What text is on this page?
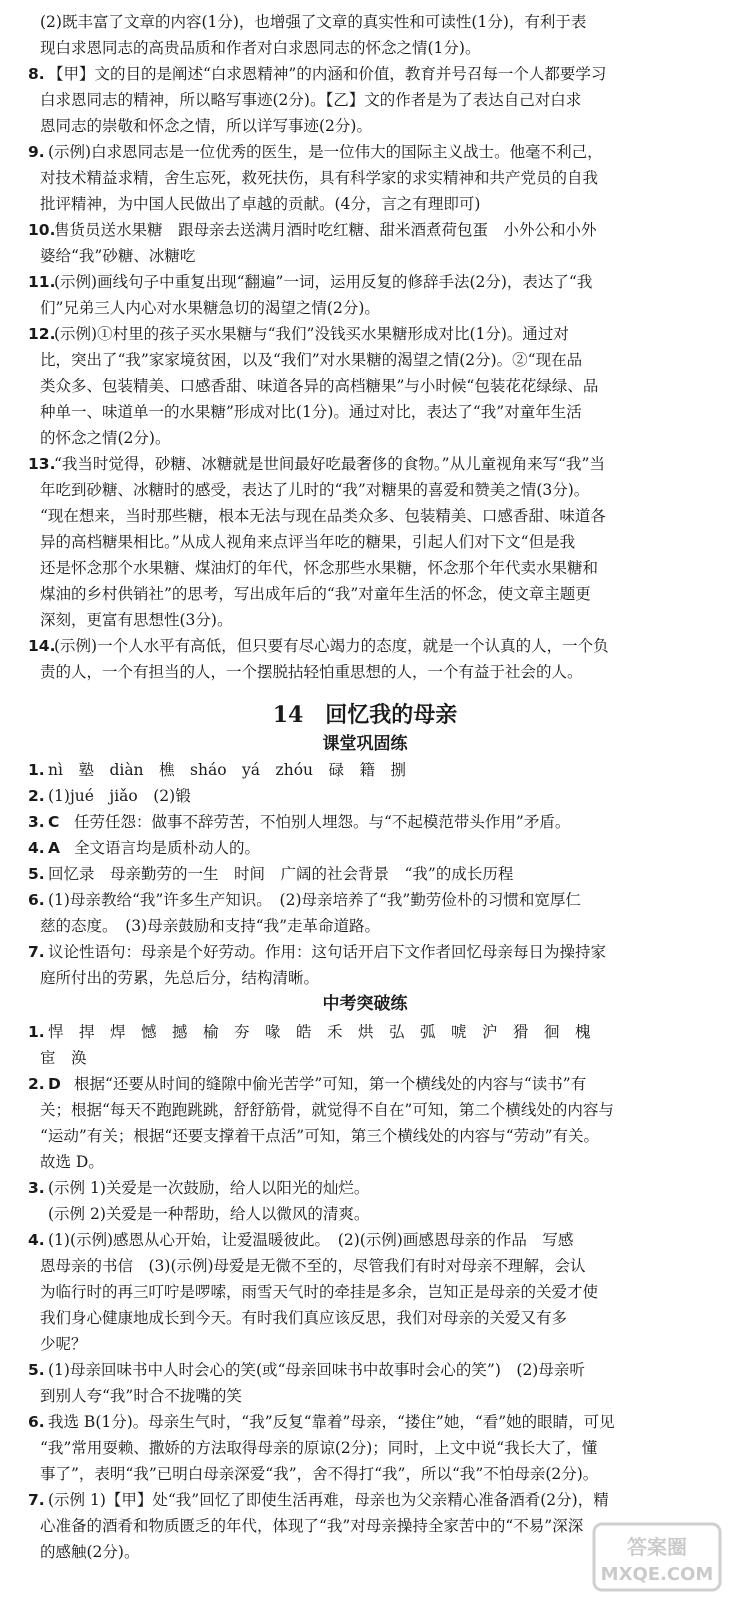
(2)既丰富了文章的内容(1分)，也增强了文章的真实性和可读性(1分)，有利于表
现白求恩同志的高贵品质和作者对白求恩同志的怀念之情(1分)。
8. 【甲】文的目的是阐述“白求恩精神”的内涵和价值，教育并号召每一个人都要学习
白求恩同志的精神，所以略写事迹(2分)。【乙】文的作者是为了表达自己对白求
恩同志的崇敬和怀念之情，所以详写事迹(2分)。
9. (示例)白求恩同志是一位优秀的医生，是一位伟大的国际主义战士。他毫不利己，
对技术精益求精，舍生忘死，救死扶伤，具有科学家的求实精神和共产党员的自我
批评精神，为中国人民做出了卓越的贡献。(4分，言之有理即可)
10.
售货员送水果糖　跟母亲去送满月酒时吃红糖、甜米酒煮荷包蛋　小外公和小外
婆给“我”砂糖、冰糖吃
11.
(示例)画线句子中重复出现“翻遍”一词，运用反复的修辞手法(2分)，表达了“我
们”兄弟三人内心对水果糖急切的渴望之情(2分)。
12.
(示例)①村里的孩子买水果糖与“我们”没钱买水果糖形成对比(1分)。通过对
比，突出了“我”家家境贫困，以及“我们”对水果糖的渴望之情(2分)。②“现在品
类众多、包装精美、口感香甜、味道各异的高档糖果”与小时候“包装花花绿绿、品
种单一、味道单一的水果糖”形成对比(1分)。通过对比，表达了“我”对童年生活
的怀念之情(2分)。
13.
“我当时觉得，砂糖、冰糖就是世间最好吃最奢侈的食物。”从儿童视角来写“我”当
年吃到砂糖、冰糖时的感受，表达了儿时的“我”对糖果的喜爱和赞美之情(3分)。
“现在想来，当时那些糖，根本无法与现在品类众多、包装精美、口感香甜、味道各
异的高档糖果相比。”从成人视角来点评当年吃的糖果，引起人们对下文“但是我
还是怀念那个水果糖、煤油灯的年代，怀念那些水果糖，怀念那个年代卖水果糖和
煤油的乡村供销社”的思考，写出成年后的“我”对童年生活的怀念，使文章主题更
深刻，更富有思想性(3分)。
14.
(示例)一个人水平有高低，但只要有尽心竭力的态度，就是一个认真的人，一个负
责的人，一个有担当的人，一个摆脱拈轻怕重思想的人，一个有益于社会的人。
14　回忆我的母亲
课堂巩固练
1. nì　塾　diàn　樵　sháo　yá　zhóu　碌　籍　捌
2. (1)jué　jiǎo　(2)锻
3. C 任劳任怨：做事不辞劳苦，不怕别人埋怨。与“不起模范带头作用”矛盾。
4. A 全文语言均是质朴动人的。
5. 回忆录　母亲勤劳的一生　时间　广阔的社会背景　“我”的成长历程
6. (1)母亲教给“我”许多生产知识。　(2)母亲培养了“我”勤劳俭朴的习惯和宽厚仁
慈的态度。　(3)母亲鼓励和支持“我”走革命道路。
7. 议论性语句：母亲是个好劳动。作用：这句话开启下文作者回忆母亲每日为操持家
庭所付出的劳累，先总后分，结构清晰。
中考突破练
1. 悍　捍　焊　憾　撼　榆　夯　喙　皓　禾　烘　弘　弧　唬　沪　猾　徊　槐
宦　涣
2. D 根据“还要从时间的缝隙中偷光苦学”可知，第一个横线处的内容与“读书”有
关；根据“每天不跑跑跳跳，舒舒筋骨，就觉得不自在”可知，第二个横线处的内容与
“运动”有关；根据“还要支撑着干点活”可知，第三个横线处的内容与“劳动”有关。
故选 D。
3. (示例 1)关爱是一次鼓励，给人以阳光的灿烂。
(示例 2)关爱是一种帮助，给人以微风的清爽。
4. (1)(示例)感恩从心开始，让爱温暖彼此。　(2)(示例)画感恩母亲的作品　写感
恩母亲的书信　(3)(示例)母爱是无微不至的，尽管我们有时对母亲不理解，会认
为临行时的再三叮咛是啰嗦，雨雪天气时的牵挂是多余，岂知正是母亲的关爱才使
我们身心健康地成长到今天。有时我们真应该反思，我们对母亲的关爱又有多
少呢？
5. (1)母亲回味书中人时会心的笑(或“母亲回味书中故事时会心的笑”)　(2)母亲听
到别人夸“我”时合不拢嘴的笑
6. 我选 B(1分)。母亲生气时，“我”反复“靠着”母亲，“搂住”她，“看”她的眼睛，可见
“我”常用耍赖、撒娇的方法取得母亲的原谅(2分)；同时，上文中说“我长大了，懂
事了”，表明“我”已明白母亲深爱“我”，舍不得打“我”，所以“我”不怕母亲(2分)。
7. (示例 1)【甲】处“我”回忆了即使生活再难，母亲也为父亲精心准备酒肴(2分)，精
心准备的酒肴和物质匮乏的年代，体现了“我”对母亲操持全家苦中的“不易”深深
的感触(2分)。	答案圈
MXQE.COM
